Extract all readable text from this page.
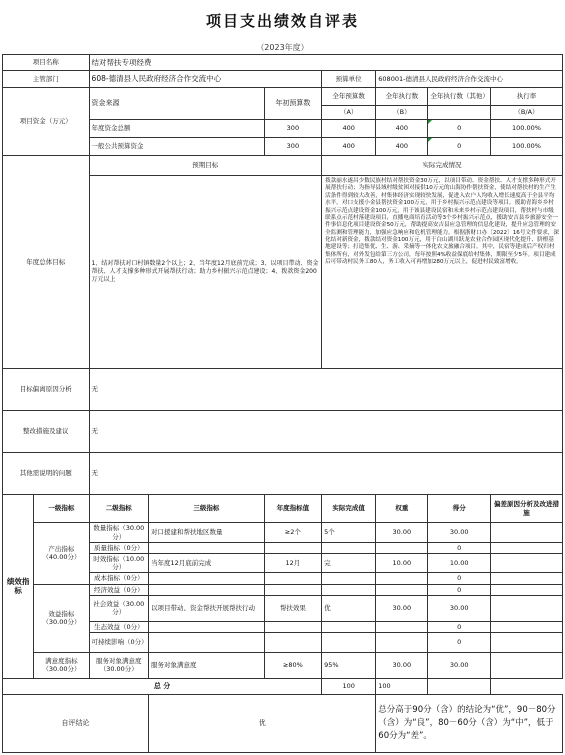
项目支出绩效自评表
（2023年度）
项目名称		结对帮扶专项经费						
主管部门		608-德清县人民政府经济合作交流中心			预算单位	608001-德清县人民政府经济合作交流中心		
项目资金（万元）		资金来源		年初预算数	全年预算数	全年执行数	全年执行数（其他）	执行率
					（A）	（B）		（B/A）
		年度资金总额		300	400	400	0	100.00%
		一般公共预算资金		300	400	400	0	100.00%
年度总体目标		预期目标			实际完成情况			
		1、结对帮扶对口村镇数量2个以上；2、当年度12月底前完成；3、以项目带动、资金帮扶、人才支撑多种形式开展帮扶行动；助力乡村振兴示范点建设；4、拨款资金200万元以上			拨款丽水遂昌少数民族村结对帮扶资金30万元，以项目带动、资金帮扶、人才支撑多种形式开展帮扶行动；为指导县域村级贫困对接供10万元的山海协作帮扶资金，使结对帮扶村的生产生活条件得到较大改善，村集体经济实现较快发展，促进入农户人均收入增长速度高于全县平均水平。对口支援小金县帮扶资金100万元，用于乡村振兴示范点建设等项目。援助青海乡乡村振兴示范点建设资金100万元，用于该县建设民宿和未来乡村示范点建设项目，帮扶村与市级联系点示范村落建设项目，直播电商培育活动等3个乡村振兴示范点，援助安吉县乡旅游安全一件事信息化项目建设资金50万元，帮助提高安吉县应急管理的信息化建设，提升应急管理的安全监测和管理能力，加强应急响应和危机管理能力。根据浙财口办〔2022〕16号文件要求，深化结对新资金，拨款结对资金100万元，用于白山湖川跃龙农业合作园区现代化提升、脐橙基地建设等；打造集优、生、游、采摘等一体化农文旅融合项目。其中，民宿等建成后产权归村集体所有，对外发包给第三方公司，每年按照4%收益保底给村集体，期限至少5年。项目建成后可带动村民务工80人，务工收入可再增加280万元以上，促进村民致富增收。			
目标偏离原因分析		无						
整改措施及建议		无						
其他需说明的问题		无						
绩效指标	一级指标	二级指标	三级指标	年度指标值	实际完成值	权重	得分	偏差原因分析及改进措施
	产出指标（40.00分）	数量指标（30.00分）	对口援建和帮扶地区数量	≥2个	5个	30.00	30.00	
		质量指标（0分）					0	
		时效指标（10.00分）	当年度12月底前完成	12月	完	10.00	10.00	
		成本指标（0分）					0	
	效益指标（30.00分）	经济效益（0分）					0	
		社会效益（30.00分）	以项目带动、资金帮扶开展帮扶行动	帮扶效果	优	30.00	30.00	
		生态效益（0分）					0	
		可持续影响（0分）					0	
	满意度指标（30.00分）	服务对象满意度（30.00分）	服务对象满意度	≥80%	95%	30.00	30.00	
总 分					100	100		
自评结论			优			总分高于90分（含）的结论为“优”，90－80分（含）为“良”，80－60分（含）为“中”，低于60分为“差”。		
